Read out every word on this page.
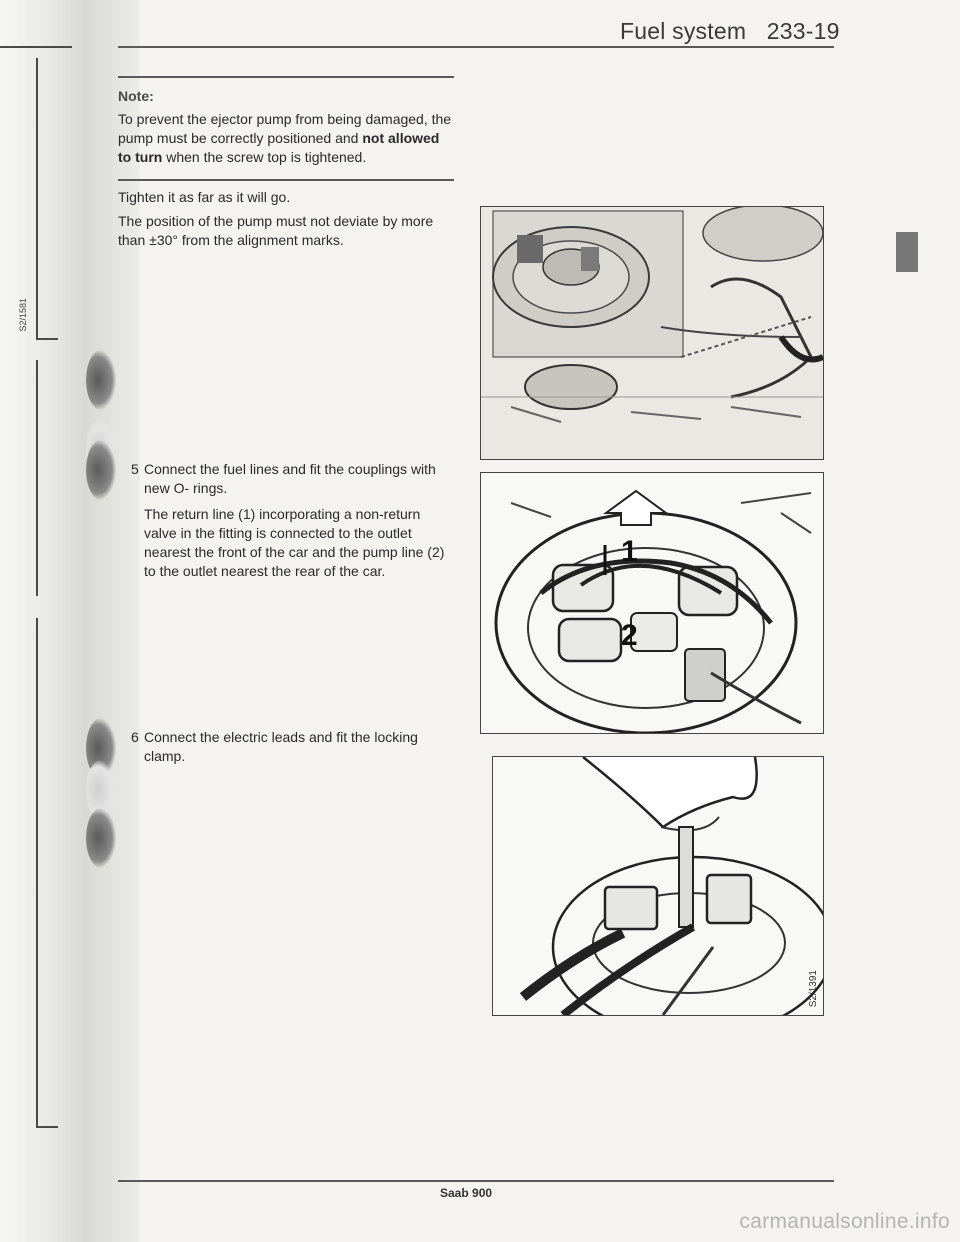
S2/1581
Fuel system 233-19
Note:

To prevent the ejector pump from being damaged, the pump must be correctly positioned and not allowed to turn when the screw top is tightened.

Tighten it as far as it will go.

The position of the pump must not deviate by more than ±30° from the alignment marks.

5 Connect the fuel lines and fit the couplings with new O- rings.

The return line (1) incorporating a non-return valve in the fitting is connected to the outlet nearest the front of the car and the pump line (2) to the outlet nearest the rear of the car.

6 Connect the electric leads and fit the locking clamp.
1
2
S2/1391
Saab 900
carmanualsonline.info
